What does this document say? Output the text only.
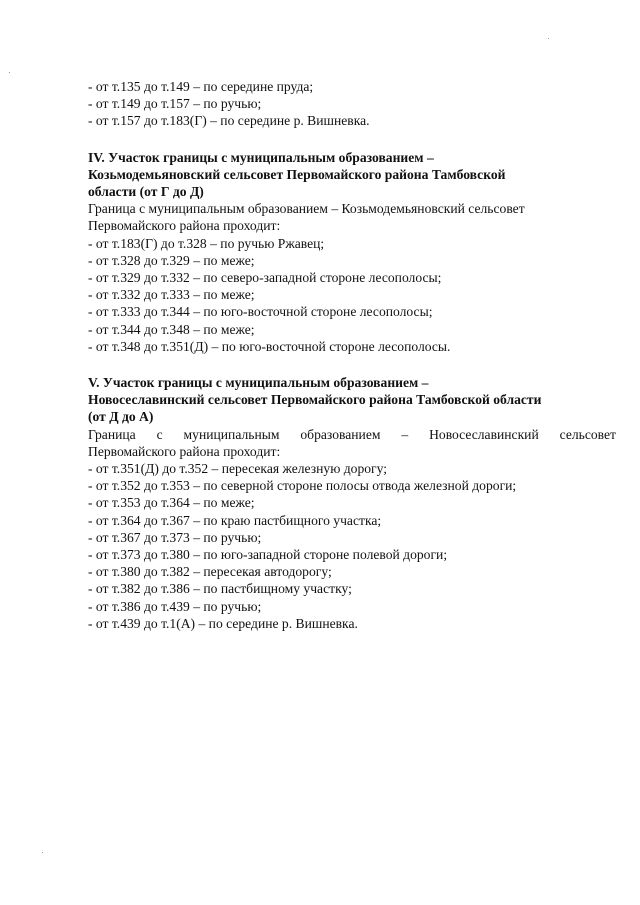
- от т.135 до т.149 – по середине пруда;
- от т.149 до т.157 – по ручью;
- от т.157 до т.183(Г) – по середине р. Вишневка.
IV. Участок границы с муниципальным образованием –
Козьмодемьяновский сельсовет Первомайского района Тамбовской
области (от Г до Д)
Граница с муниципальным образованием – Козьмодемьяновский сельсовет
Первомайского района проходит:
- от т.183(Г) до т.328 – по ручью Ржавец;
- от т.328 до т.329 – по меже;
- от т.329 до т.332 – по северо-западной стороне лесополосы;
- от т.332 до т.333 – по меже;
- от т.333 до т.344 – по юго-восточной стороне лесополосы;
- от т.344 до т.348 – по меже;
- от т.348 до т.351(Д) – по юго-восточной стороне лесополосы.
V. Участок границы с муниципальным образованием –
Новосеславинский сельсовет Первомайского района Тамбовской области
(от Д до А)
Граница с муниципальным образованием – Новосеславинский сельсовет
Первомайского района проходит:
- от т.351(Д) до т.352 – пересекая железную дорогу;
- от т.352 до т.353 – по северной стороне полосы отвода железной дороги;
- от т.353 до т.364 – по меже;
- от т.364 до т.367 – по краю пастбищного участка;
- от т.367 до т.373 – по ручью;
- от т.373 до т.380 – по юго-западной стороне полевой дороги;
- от т.380 до т.382 – пересекая автодорогу;
- от т.382 до т.386 – по пастбищному участку;
- от т.386 до т.439 – по ручью;
- от т.439 до т.1(А) – по середине р. Вишневка.
